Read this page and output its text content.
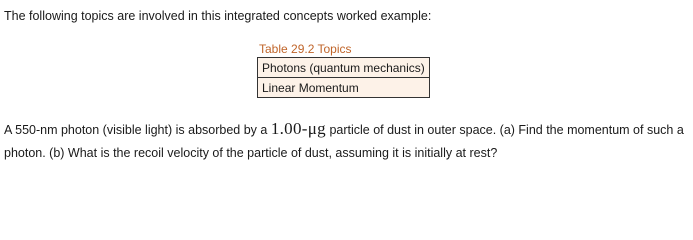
The following topics are involved in this integrated concepts worked example:

Table 29.2 Topics
Photons (quantum mechanics)
Linear Momentum

A 550-nm photon (visible light) is absorbed by a 1.00-μg particle of dust in outer space. (a) Find the momentum of such a photon. (b) What is the recoil velocity of the particle of dust, assuming it is initially at rest?
